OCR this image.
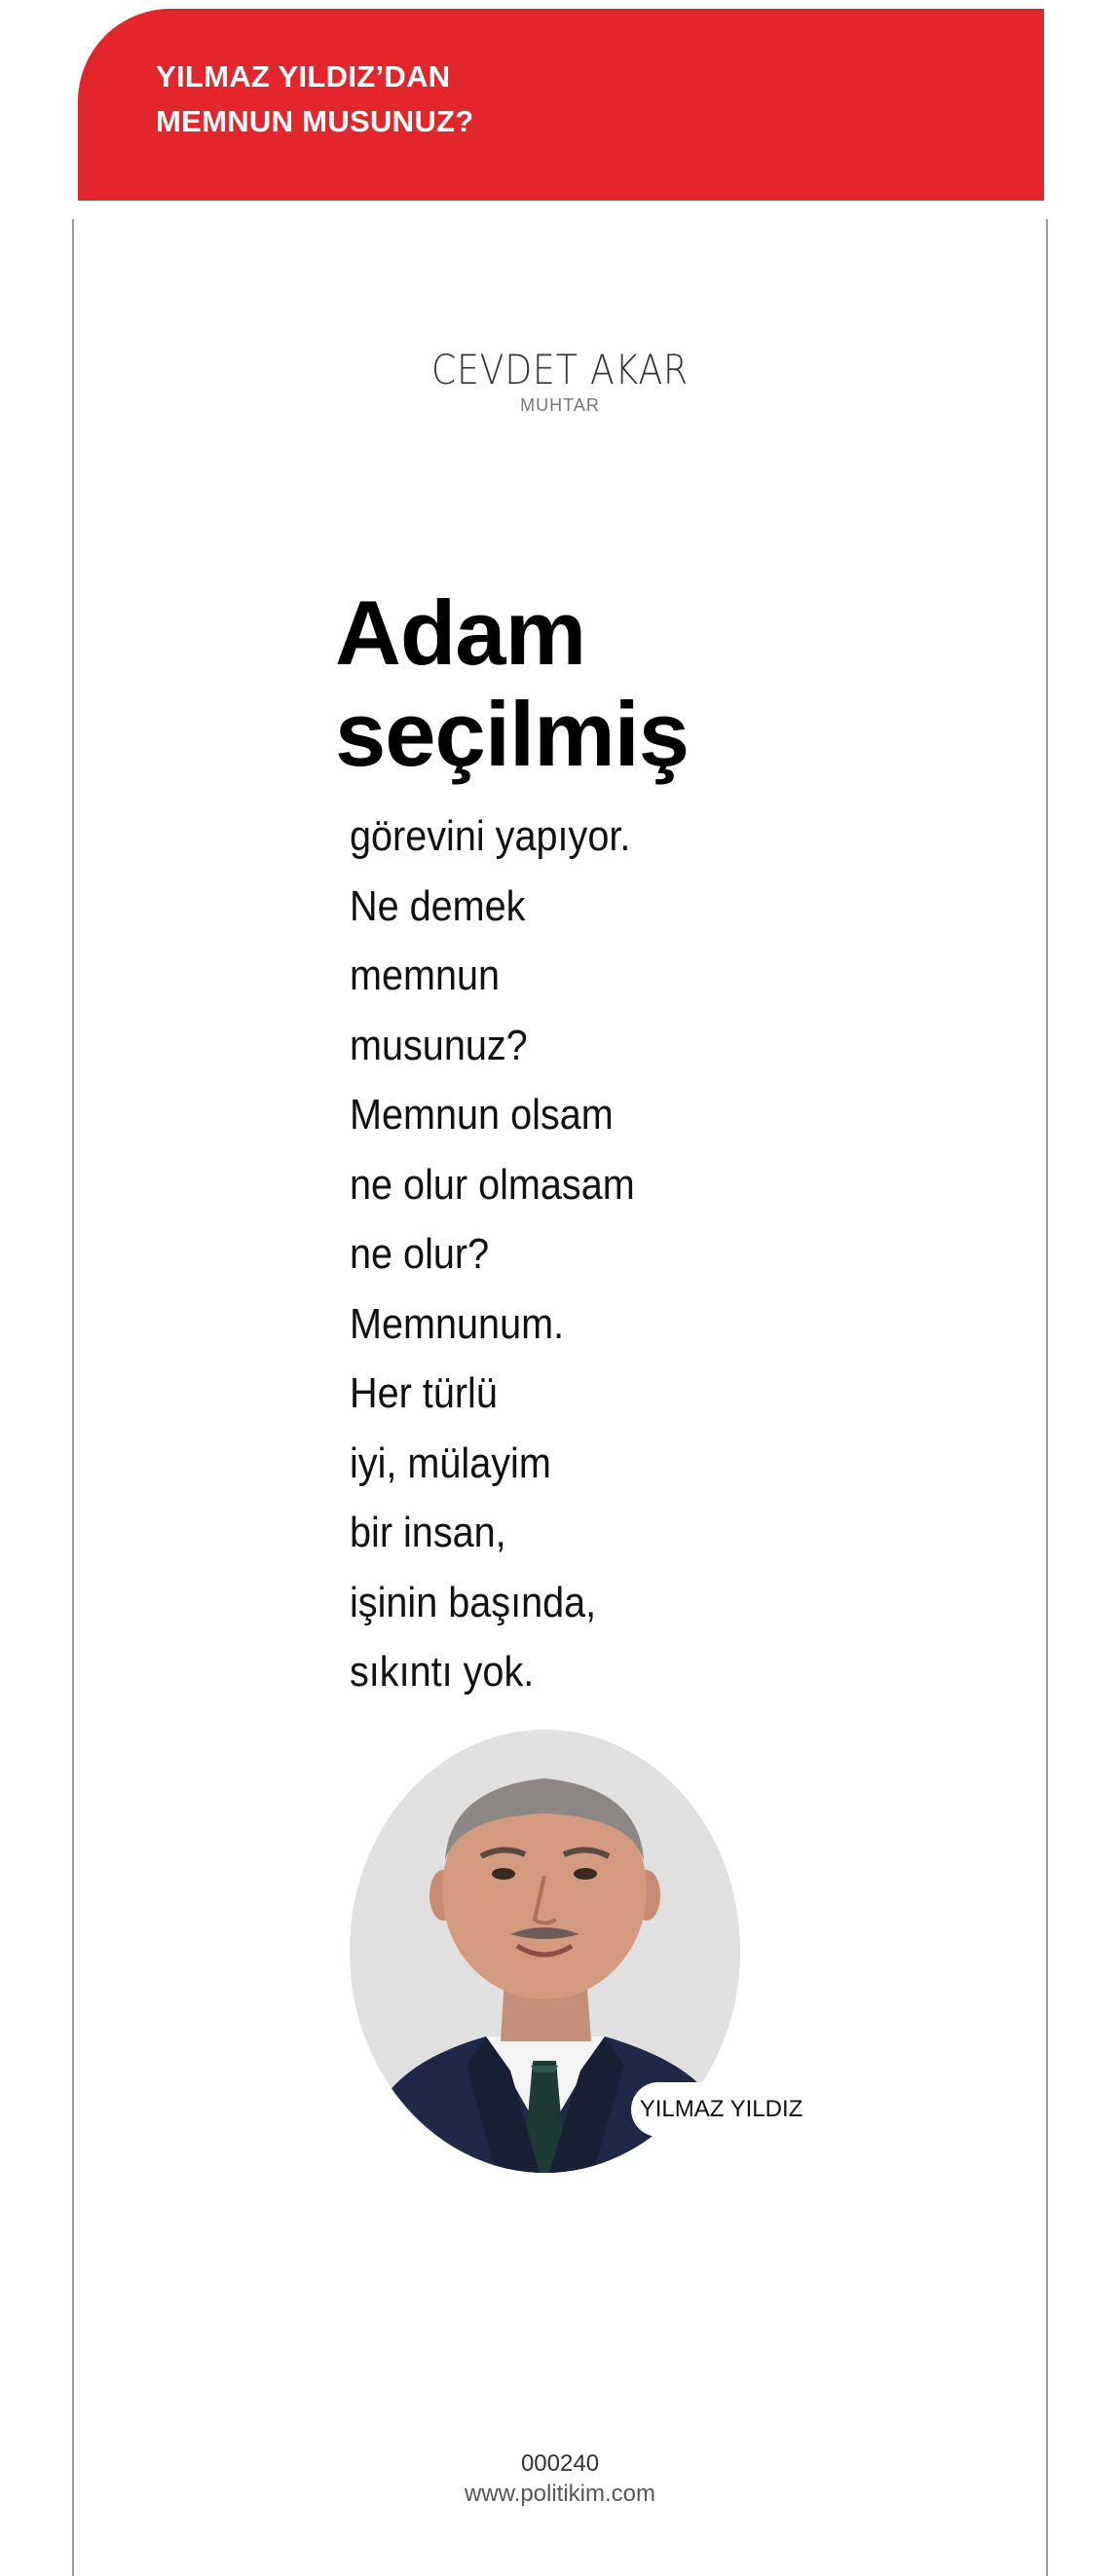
YILMAZ YILDIZ’DAN
MEMNUN MUSUNUZ?
CEVDET AKAR
MUHTAR
Adam
seçilmiş
görevini yapıyor.
Ne demek
memnun
musunuz?
Memnun olsam
ne olur olmasam
ne olur?
Memnunum.
Her türlü
iyi, mülayim
bir insan,
işinin başında,
sıkıntı yok.
YILMAZ YILDIZ
000240
www.politikim.com
